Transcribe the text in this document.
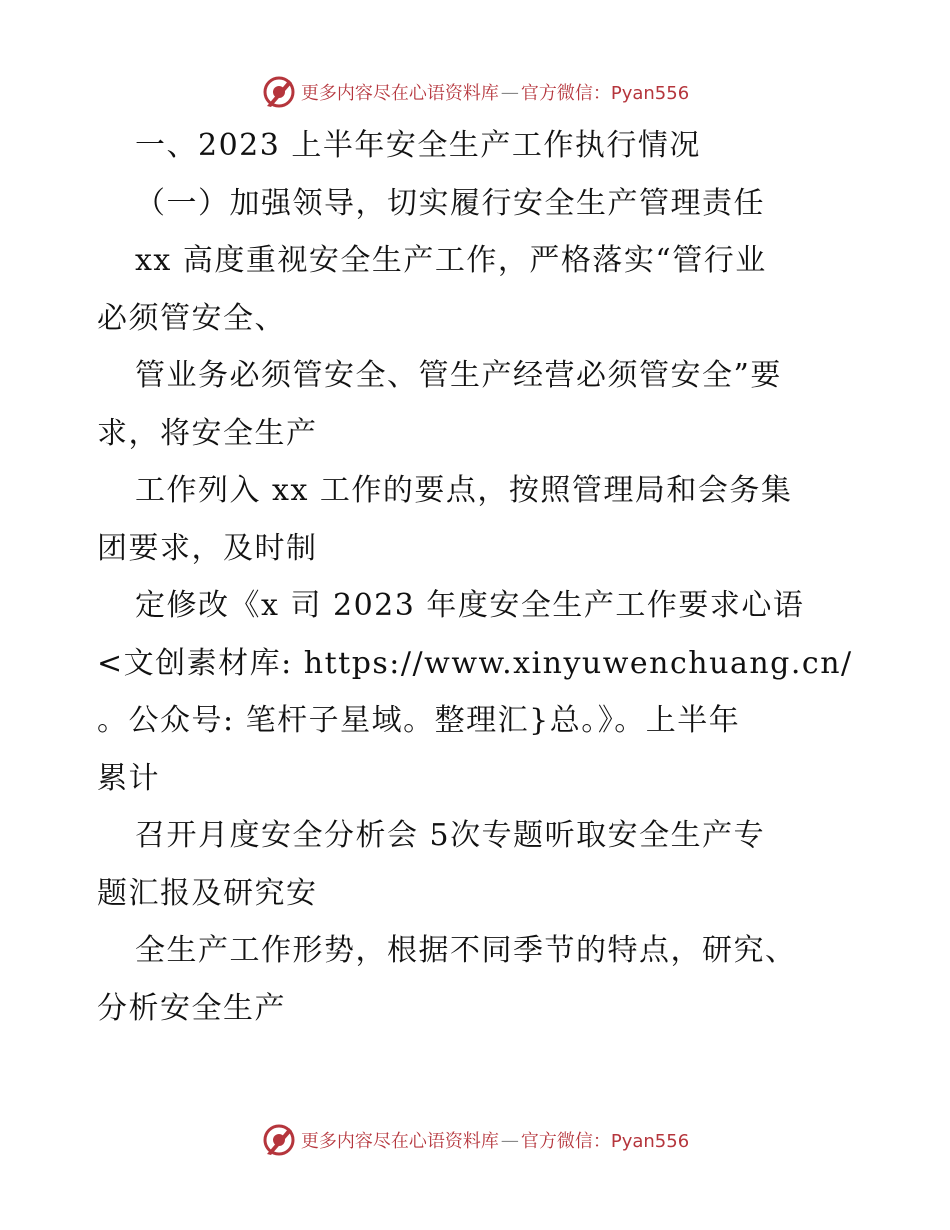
更多内容尽在心语资料库 — 官方微信：Pyan556

一、2023 上半年安全生产工作执行情况

（一）加强领导，切实履行安全生产管理责任

xx 高度重视安全生产工作，严格落实“管行业

必须管安全、

管业务必须管安全、管生产经营必须管安全”要

求，将安全生产

工作列入 xx 工作的要点，按照管理局和会务集

团要求，及时制

定修改《x 司 2023 年度安全生产工作要求心语

<文创素材库: https://www.xinyuwenchuang.cn/

。公众号: 笔杆子星域。整理汇}总。》。上半年

累计

召开月度安全分析会 5次专题听取安全生产专

题汇报及研究安

全生产工作形势，根据不同季节的特点，研究、

分析安全生产

更多内容尽在心语资料库 — 官方微信：Pyan556
